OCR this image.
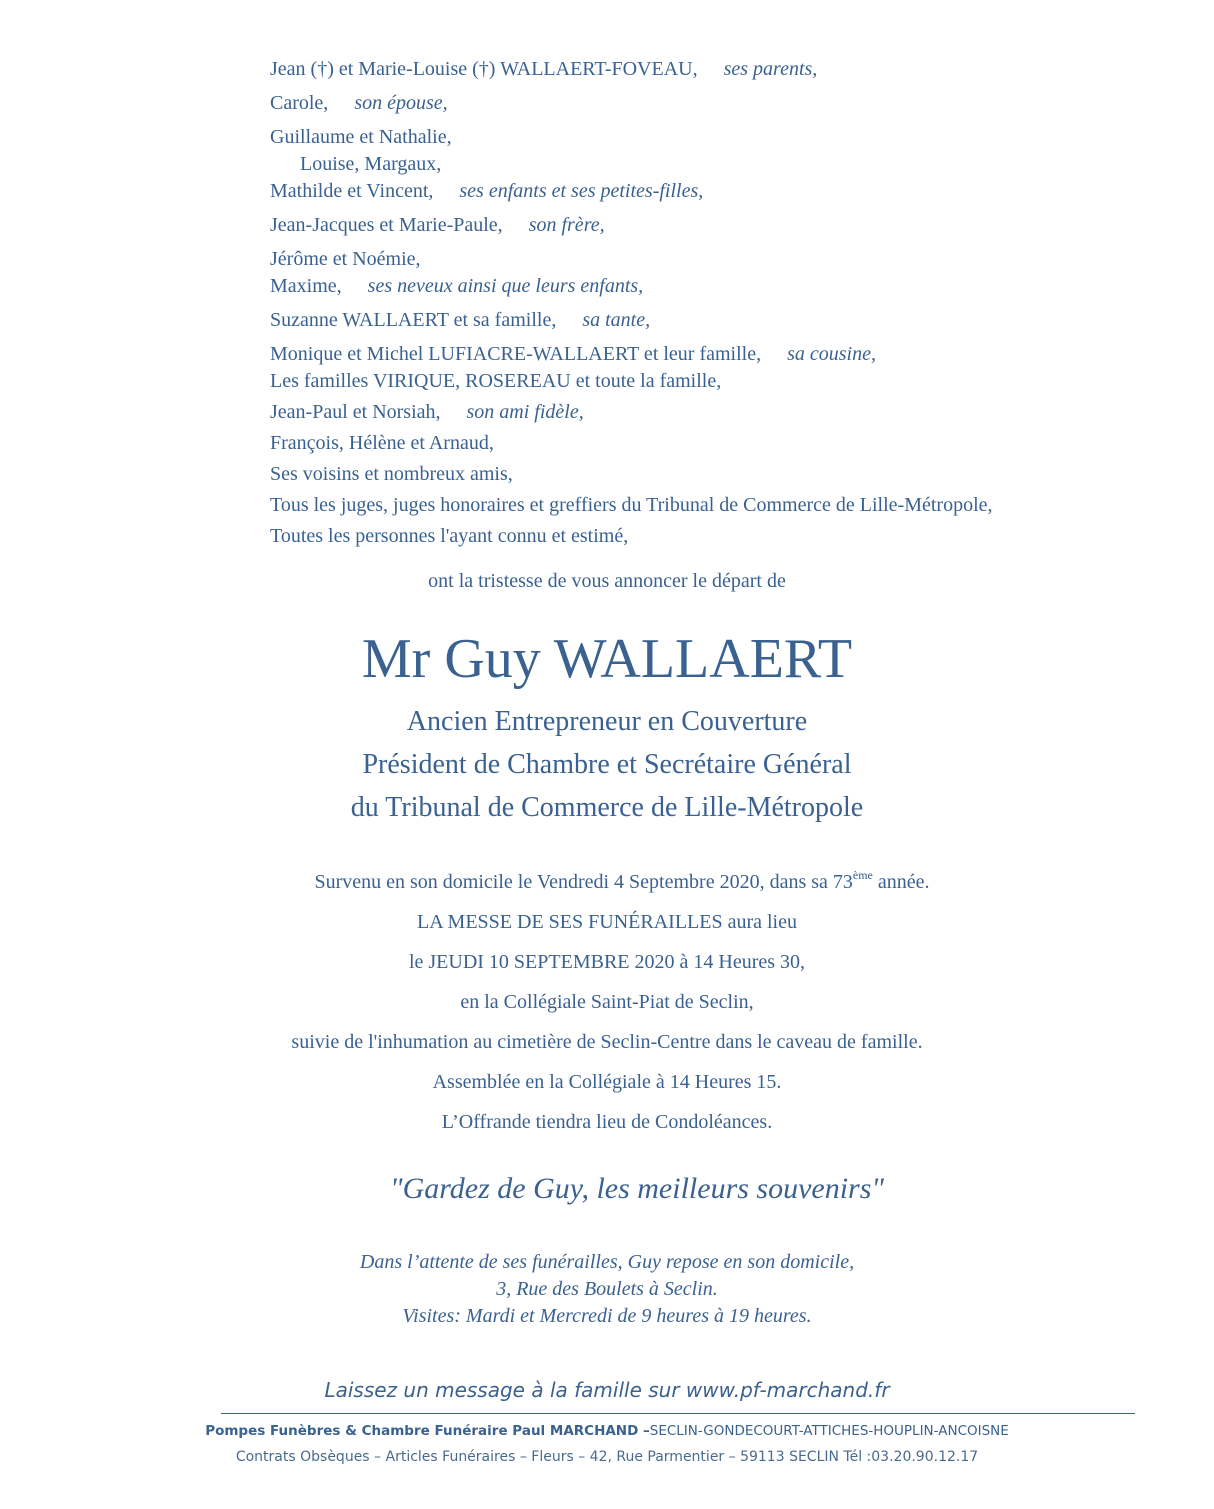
Jean (†) et Marie-Louise (†) WALLAERT-FOVEAU, ses parents,
Carole, son épouse,
Guillaume et Nathalie,
Louise, Margaux,
Mathilde et Vincent, ses enfants et ses petites-filles,
Jean-Jacques et Marie-Paule, son frère,
Jérôme et Noémie,
Maxime, ses neveux ainsi que leurs enfants,
Suzanne WALLAERT et sa famille, sa tante,
Monique et Michel LUFIACRE-WALLAERT et leur famille, sa cousine,
Les familles VIRIQUE, ROSEREAU et toute la famille,
Jean-Paul et Norsiah, son ami fidèle,
François, Hélène et Arnaud,
Ses voisins et nombreux amis,
Tous les juges, juges honoraires et greffiers du Tribunal de Commerce de Lille-Métropole,
Toutes les personnes l'ayant connu et estimé,
ont la tristesse de vous annoncer le départ de
Mr Guy WALLAERT
Ancien Entrepreneur en Couverture
Président de Chambre et Secrétaire Général
du Tribunal de Commerce de Lille-Métropole
Survenu en son domicile le Vendredi 4 Septembre 2020, dans sa 73ème année.
LA MESSE DE SES FUNÉRAILLES aura lieu
le JEUDI 10 SEPTEMBRE 2020 à 14 Heures 30,
en la Collégiale Saint-Piat de Seclin,
suivie de l'inhumation au cimetière de Seclin-Centre dans le caveau de famille.
Assemblée en la Collégiale à 14 Heures 15.
L’Offrande tiendra lieu de Condoléances.
"Gardez de Guy, les meilleurs souvenirs"
Dans l’attente de ses funérailles, Guy repose en son domicile,
3, Rue des Boulets à Seclin.
Visites: Mardi et Mercredi de 9 heures à 19 heures.
Laissez un message à la famille sur www.pf-marchand.fr
Pompes Funèbres & Chambre Funéraire Paul MARCHAND –SECLIN-GONDECOURT-ATTICHES-HOUPLIN-ANCOISNE
Contrats Obsèques – Articles Funéraires – Fleurs – 42, Rue Parmentier – 59113 SECLIN Tél :03.20.90.12.17
